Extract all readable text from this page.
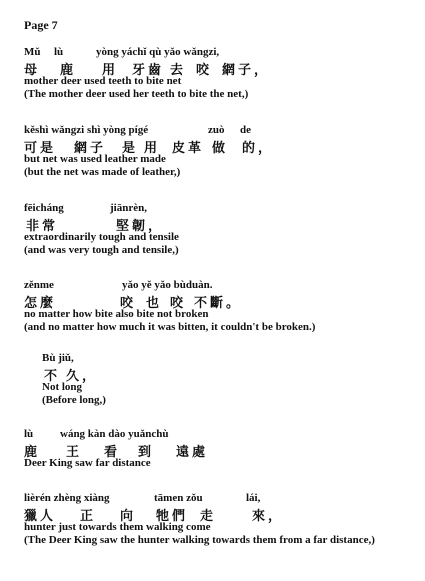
Page 7
Mǔ lù	yòng yáchǐ qù yǎo wǎngzi,
母 鹿 用 牙齒 去 咬 網子，
mother deer used teeth to bite net
(The mother deer used her teeth to bite the net,)
kěshì wǎngzi shì yòng pígé	zuò de
可是 網子 是 用 皮革 做 的，
but net was used leather made
(but the net was made of leather,)
fēicháng	jiānrèn,
非常	堅韌，
extraordinarily tough and tensile
(and was very tough and tensile,)
zěnme	yǎo yě yǎo bùduàn.
怎麼	咬 也 咬 不斷。
no matter how bite also bite not broken
(and no matter how much it was bitten, it couldn't be broken.)
Bù jiǔ,
不 久，
Not long
(Before long,)
lù wáng kàn dào yuǎnchù
鹿 王 看 到 遠處
Deer King saw far distance
lièrén zhèng xiàng	tāmen zǒu	lái,
獵人 正 向 牠們 走	來，
hunter just towards them walking come
(The Deer King saw the hunter walking towards them from a far distance,)
